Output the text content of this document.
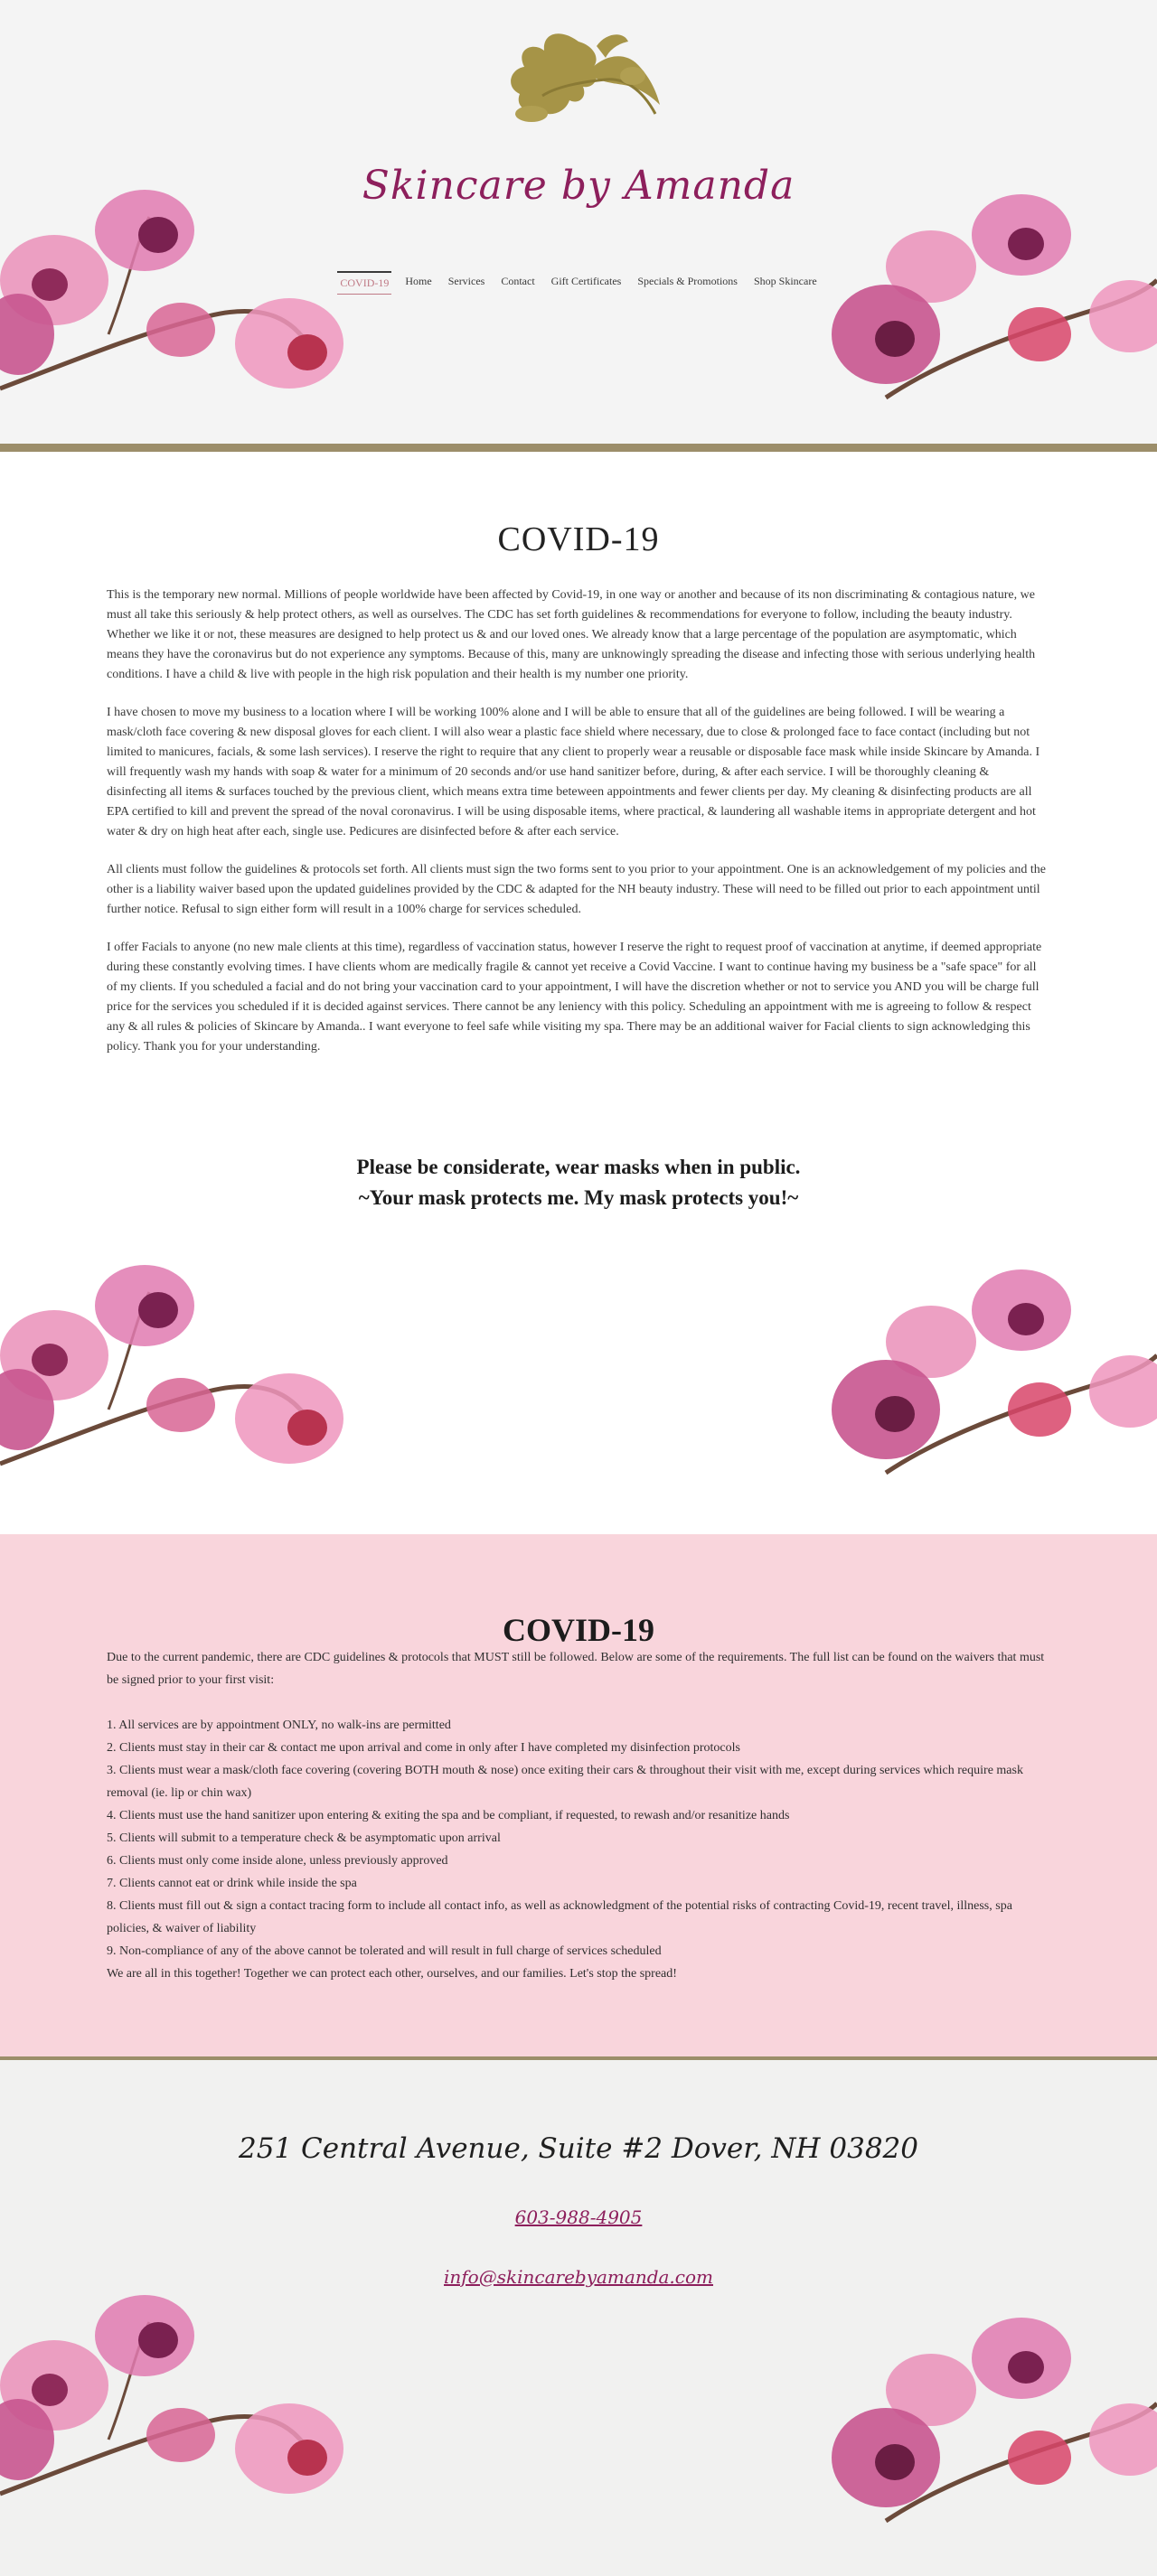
Skincare by Amanda
COVID-19 Home Services Contact Gift Certificates Specials & Promotions Shop Skincare
COVID-19

This is the temporary new normal. Millions of people worldwide have been affected by Covid-19, in one way or another and because of its non discriminating & contagious nature, we must all take this seriously & help protect others, as well as ourselves. The CDC has set forth guidelines & recommendations for everyone to follow, including the beauty industry. Whether we like it or not, these measures are designed to help protect us & and our loved ones. We already know that a large percentage of the population are asymptomatic, which means they have the coronavirus but do not experience any symptoms. Because of this, many are unknowingly spreading the disease and infecting those with serious underlying health conditions. I have a child & live with people in the high risk population and their health is my number one priority.

I have chosen to move my business to a location where I will be working 100% alone and I will be able to ensure that all of the guidelines are being followed. I will be wearing a mask/cloth face covering & new disposal gloves for each client. I will also wear a plastic face shield where necessary, due to close & prolonged face to face contact (including but not limited to manicures, facials, & some lash services). I reserve the right to require that any client to properly wear a reusable or disposable face mask while inside Skincare by Amanda. I will frequently wash my hands with soap & water for a minimum of 20 seconds and/or use hand sanitizer before, during, & after each service. I will be thoroughly cleaning & disinfecting all items & surfaces touched by the previous client, which means extra time beteween appointments and fewer clients per day. My cleaning & disinfecting products are all EPA certified to kill and prevent the spread of the noval coronavirus. I will be using disposable items, where practical, & laundering all washable items in appropriate detergent and hot water & dry on high heat after each, single use. Pedicures are disinfected before & after each service.

All clients must follow the guidelines & protocols set forth. All clients must sign the two forms sent to you prior to your appointment. One is an acknowledgement of my policies and the other is a liability waiver based upon the updated guidelines provided by the CDC & adapted for the NH beauty industry. These will need to be filled out prior to each appointment until further notice. Refusal to sign either form will result in a 100% charge for services scheduled.

I offer Facials to anyone (no new male clients at this time), regardless of vaccination status, however I reserve the right to request proof of vaccination at anytime, if deemed appropriate during these constantly evolving times. I have clients whom are medically fragile & cannot yet receive a Covid Vaccine. I want to continue having my business be a "safe space" for all of my clients. If you scheduled a facial and do not bring your vaccination card to your appointment, I will have the discretion whether or not to service you AND you will be charge full price for the services you scheduled if it is decided against services. There cannot be any leniency with this policy. Scheduling an appointment with me is agreeing to follow & respect any & all rules & policies of Skincare by Amanda.. I want everyone to feel safe while visiting my spa. There may be an additional waiver for Facial clients to sign acknowledging this policy. Thank you for your understanding.

Please be considerate, wear masks when in public.
~Your mask protects me. My mask protects you!~
COVID-19

Due to the current pandemic, there are CDC guidelines & protocols that MUST still be followed. Below are some of the requirements. The full list can be found on the waivers that must be signed prior to your first visit:

1. All services are by appointment ONLY, no walk-ins are permitted
2. Clients must stay in their car & contact me upon arrival and come in only after I have completed my disinfection protocols
3. Clients must wear a mask/cloth face covering (covering BOTH mouth & nose) once exiting their cars & throughout their visit with me, except during services which require mask removal (ie. lip or chin wax)
4. Clients must use the hand sanitizer upon entering & exiting the spa and be compliant, if requested, to rewash and/or resanitize hands
5. Clients will submit to a temperature check & be asymptomatic upon arrival
6. Clients must only come inside alone, unless previously approved
7. Clients cannot eat or drink while inside the spa
8. Clients must fill out & sign a contact tracing form to include all contact info, as well as acknowledgment of the potential risks of contracting Covid-19, recent travel, illness, spa policies, & waiver of liability
9. Non-compliance of any of the above cannot be tolerated and will result in full charge of services scheduled

We are all in this together! Together we can protect each other, ourselves, and our families. Let's stop the spread!

251 Central Avenue, Suite #2 Dover, NH 03820
603-988-4905
info@skincarebyamanda.com
